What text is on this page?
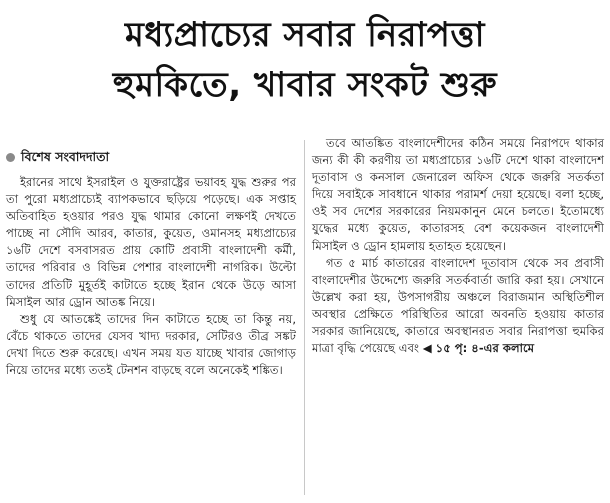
মধ্যপ্রাচ্যের সবার নিরাপত্তা
হুমকিতে, খাবার সংকট শুরু
বিশেষ সংবাদদাতা

ইরানের সাথে ইসরাইল ও যুক্তরাষ্ট্রের ভয়াবহ যুদ্ধ শুরুর পর তা পুরো মধ্যপ্রাচ্যেই ব্যাপকভাবে ছড়িয়ে পড়েছে। এক সপ্তাহ অতিবাহিত হওয়ার পরও যুদ্ধ থামার কোনো লক্ষণই দেখতে পাচ্ছে না সৌদি আরব, কাতার, কুয়েত, ওমানসহ মধ্যপ্রাচ্যের ১৬টি দেশে বসবাসরত প্রায় কোটি প্রবাসী বাংলাদেশী কর্মী, তাদের পরিবার ও বিভিন্ন পেশার বাংলাদেশী নাগরিক। উল্টো তাদের প্রতিটি মুহূর্তই কাটাতে হচ্ছে ইরান থেকে উড়ে আসা মিসাইল আর ড্রোন আতঙ্ক নিয়ে।

শুধু যে আতঙ্কেই তাদের দিন কাটাতে হচ্ছে তা কিন্তু নয়, বেঁচে থাকতে তাদের যেসব খাদ্য দরকার, সেটিরও তীব্র সঙ্কট দেখা দিতে শুরু করেছে। এখন সময় যত যাচ্ছে খাবার জোগাড় নিয়ে তাদের মধ্যে ততই টেনশন বাড়ছে বলে অনেকেই শঙ্কিত।

তবে আতঙ্কিত বাংলাদেশীদের কঠিন সময়ে নিরাপদে থাকার জন্য কী কী করণীয় তা মধ্যপ্রাচ্যের ১৬টি দেশে থাকা বাংলাদেশ দূতাবাস ও কনসাল জেনারেল অফিস থেকে জরুরি সতর্কতা দিয়ে সবাইকে সাবধানে থাকার পরামর্শ দেয়া হয়েছে। বলা হচ্ছে, ওই সব দেশের সরকারের নিয়মকানুন মেনে চলতে। ইতোমধ্যে যুদ্ধের মধ্যে কুয়েত, কাতারসহ বেশ কয়েকজন বাংলাদেশী মিসাইল ও ড্রোন হামলায় হতাহত হয়েছেন।

গত ৫ মার্চ কাতারের বাংলাদেশ দূতাবাস থেকে সব প্রবাসী বাংলাদেশীর উদ্দেশ্যে জরুরি সতর্কবার্তা জারি করা হয়। সেখানে উল্লেখ করা হয়, উপসাগরীয় অঞ্চলে বিরাজমান অস্থিতিশীল অবস্থার প্রেক্ষিতে পরিস্থিতির আরো অবনতি হওয়ায় কাতার সরকার জানিয়েছে, কাতারে অবস্থানরত সবার নিরাপত্তা হুমকির মাত্রা বৃদ্ধি পেয়েছে এবং ◀ ১৫ পৃ: ৪-এর কলামে
